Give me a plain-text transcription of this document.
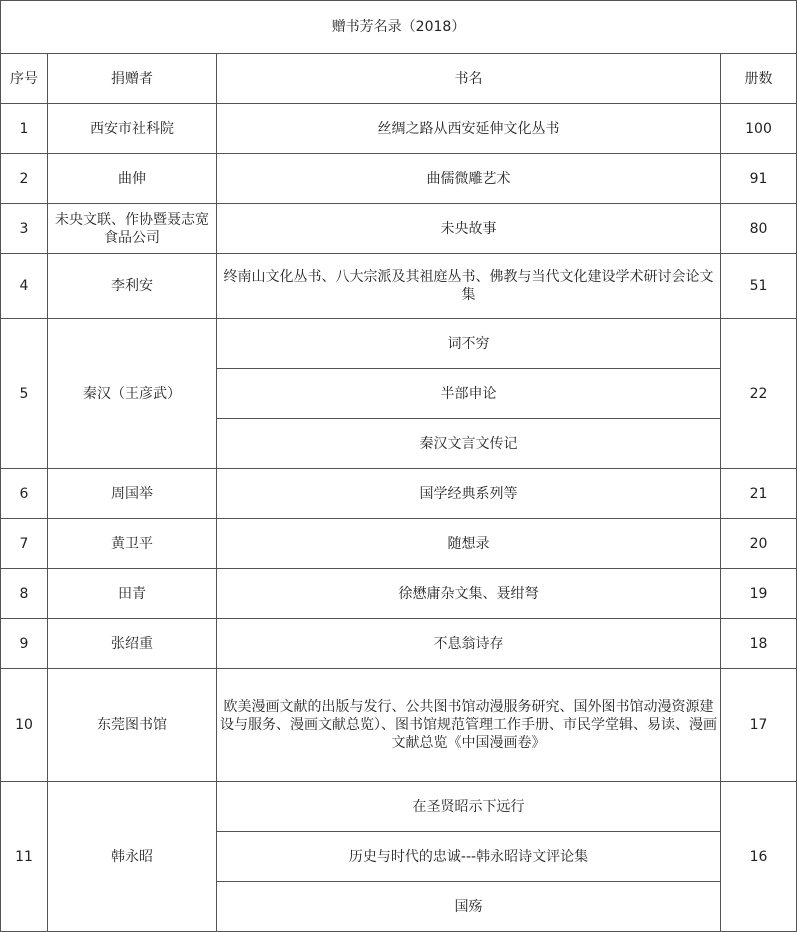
赠书芳名录（2018）			
序号	捐赠者	书名	册数
1	西安市社科院	丝绸之路从西安延伸文化丛书	100
2	曲伸	曲儒微雕艺术	91
3	未央文联、作协暨聂志宽食品公司	未央故事	80
4	李利安	终南山文化丛书、八大宗派及其祖庭丛书、佛教与当代文化建设学术研讨会论文集	51
5	秦汉（王彦武）	词不穷	22
		半部申论	
		秦汉文言文传记	
6	周国举	国学经典系列等	21
7	黄卫平	随想录	20
8	田青	徐懋庸杂文集、聂绀弩	19
9	张绍重	不息翁诗存	18
10	东莞图书馆	欧美漫画文献的出版与发行、公共图书馆动漫服务研究、国外图书馆动漫资源建设与服务、漫画文献总览）、图书馆规范管理工作手册、市民学堂辑、易读、漫画文献总览《中国漫画卷》	17
11	韩永昭	在圣贤昭示下远行	16
		历史与时代的忠诚---韩永昭诗文评论集	
		国殇	
